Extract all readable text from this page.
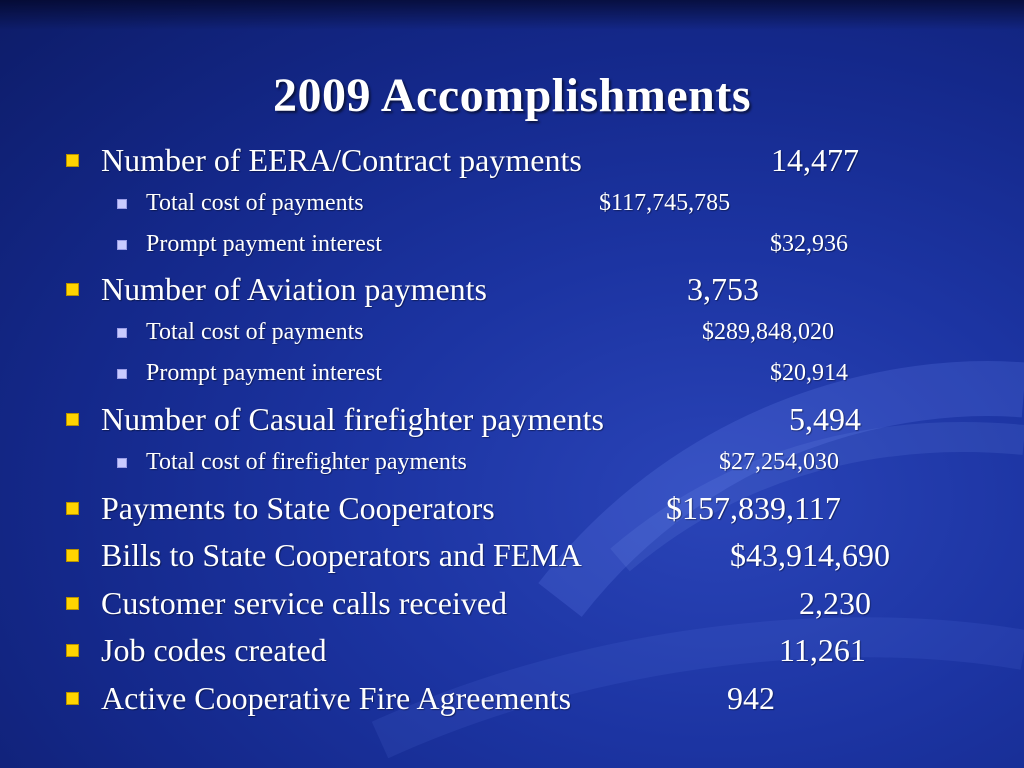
2009 Accomplishments
Number of EERA/Contract payments	14,477
Total cost of payments	$117,745,785
Prompt payment interest	$32,936
Number of Aviation payments	3,753
Total cost of payments	$289,848,020
Prompt payment interest	$20,914
Number of Casual firefighter payments	5,494
Total cost of firefighter payments	$27,254,030
Payments to State Cooperators	$157,839,117
Bills to State Cooperators and FEMA	$43,914,690
Customer service calls received	2,230
Job codes created	11,261
Active Cooperative Fire Agreements	942
